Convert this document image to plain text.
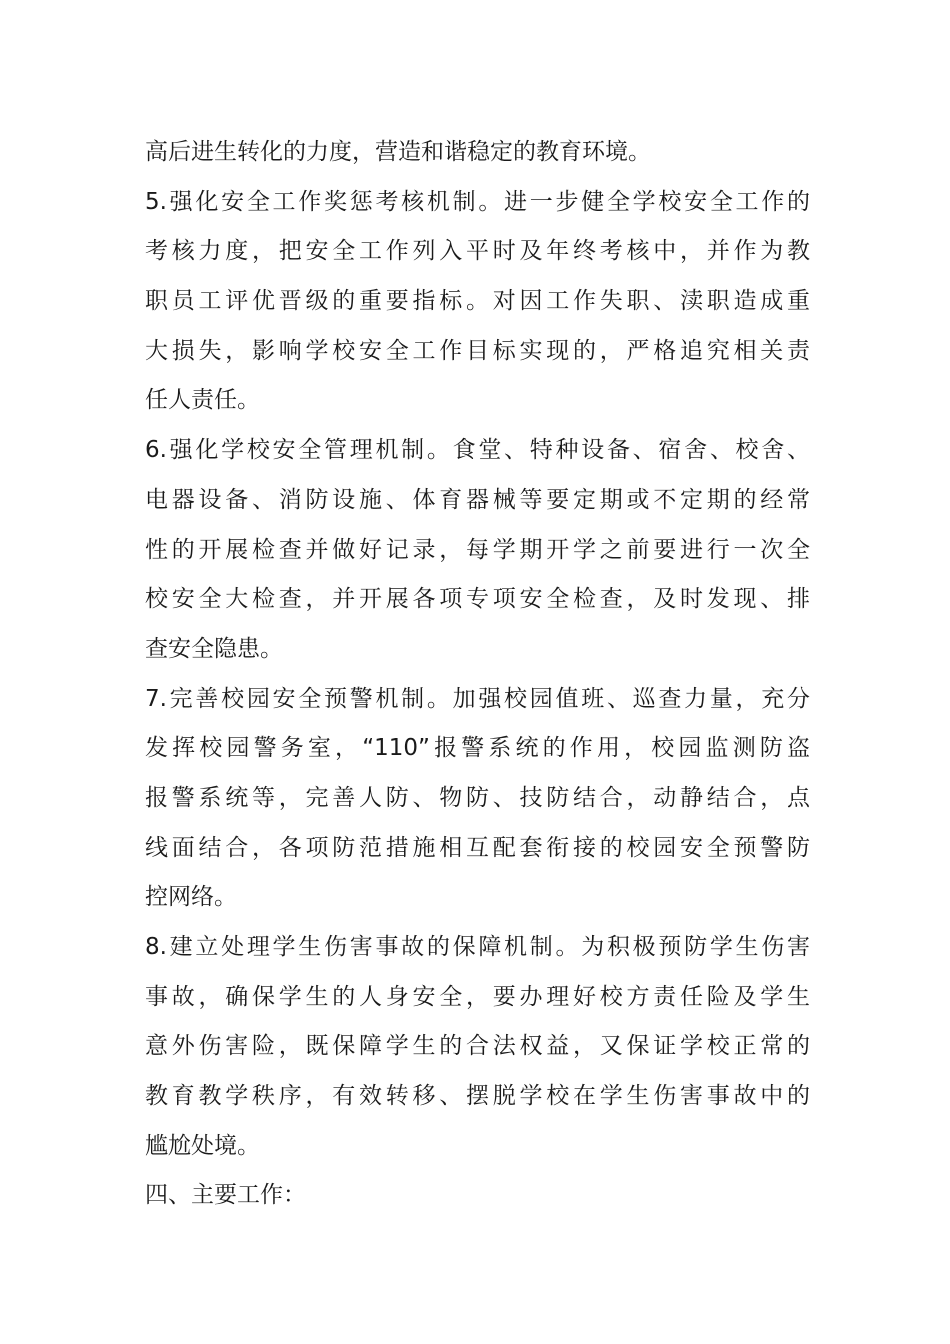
高后进生转化的力度，营造和谐稳定的教育环境。
5.强化安全工作奖惩考核机制。进一步健全学校安全工作的
考核力度，把安全工作列入平时及年终考核中，并作为教
职员工评优晋级的重要指标。对因工作失职、渎职造成重
大损失，影响学校安全工作目标实现的，严格追究相关责
任人责任。
6.强化学校安全管理机制。食堂、特种设备、宿舍、校舍、
电器设备、消防设施、体育器械等要定期或不定期的经常
性的开展检查并做好记录，每学期开学之前要进行一次全
校安全大检查，并开展各项专项安全检查，及时发现、排
查安全隐患。
7.完善校园安全预警机制。加强校园值班、巡查力量，充分
发挥校园警务室，“110”报警系统的作用，校园监测防盗
报警系统等，完善人防、物防、技防结合，动静结合，点
线面结合，各项防范措施相互配套衔接的校园安全预警防
控网络。
8.建立处理学生伤害事故的保障机制。为积极预防学生伤害
事故，确保学生的人身安全，要办理好校方责任险及学生
意外伤害险，既保障学生的合法权益，又保证学校正常的
教育教学秩序，有效转移、摆脱学校在学生伤害事故中的
尴尬处境。
四、主要工作：
